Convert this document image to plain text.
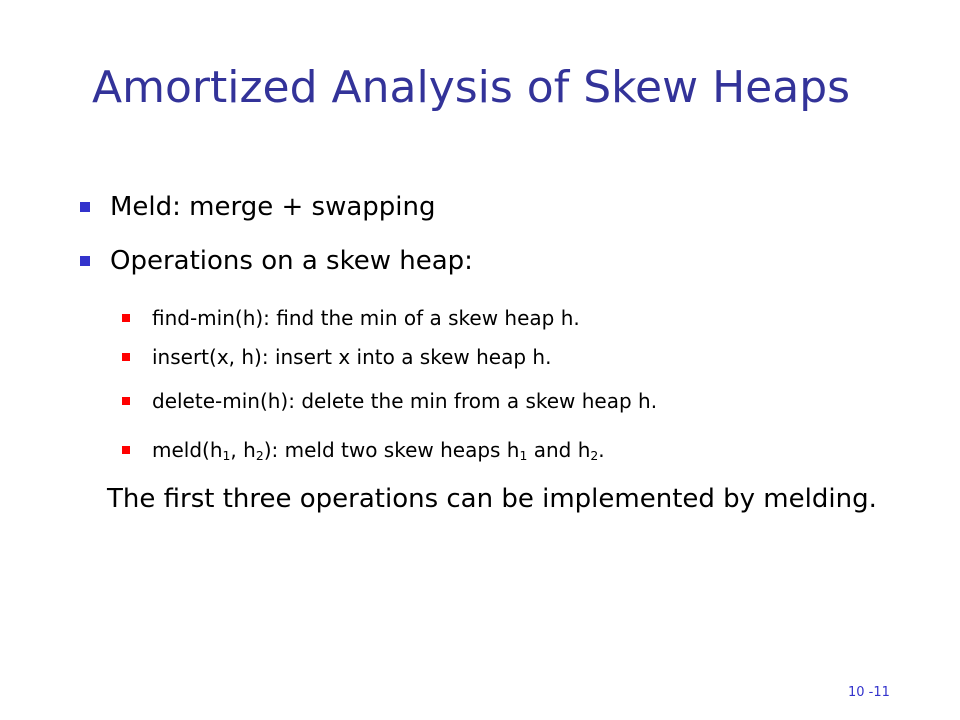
Amortized Analysis of Skew Heaps
Meld: merge + swapping
Operations on a skew heap:
find-min(h): find the min of a skew heap h.
insert(x, h): insert x into a skew heap h.
delete-min(h): delete the min from a skew heap h.
$meld(h_1$, $h_2$): meld two skew heaps $h_1$ and $h_2$.
The first three operations can be implemented by melding.
10 -11
